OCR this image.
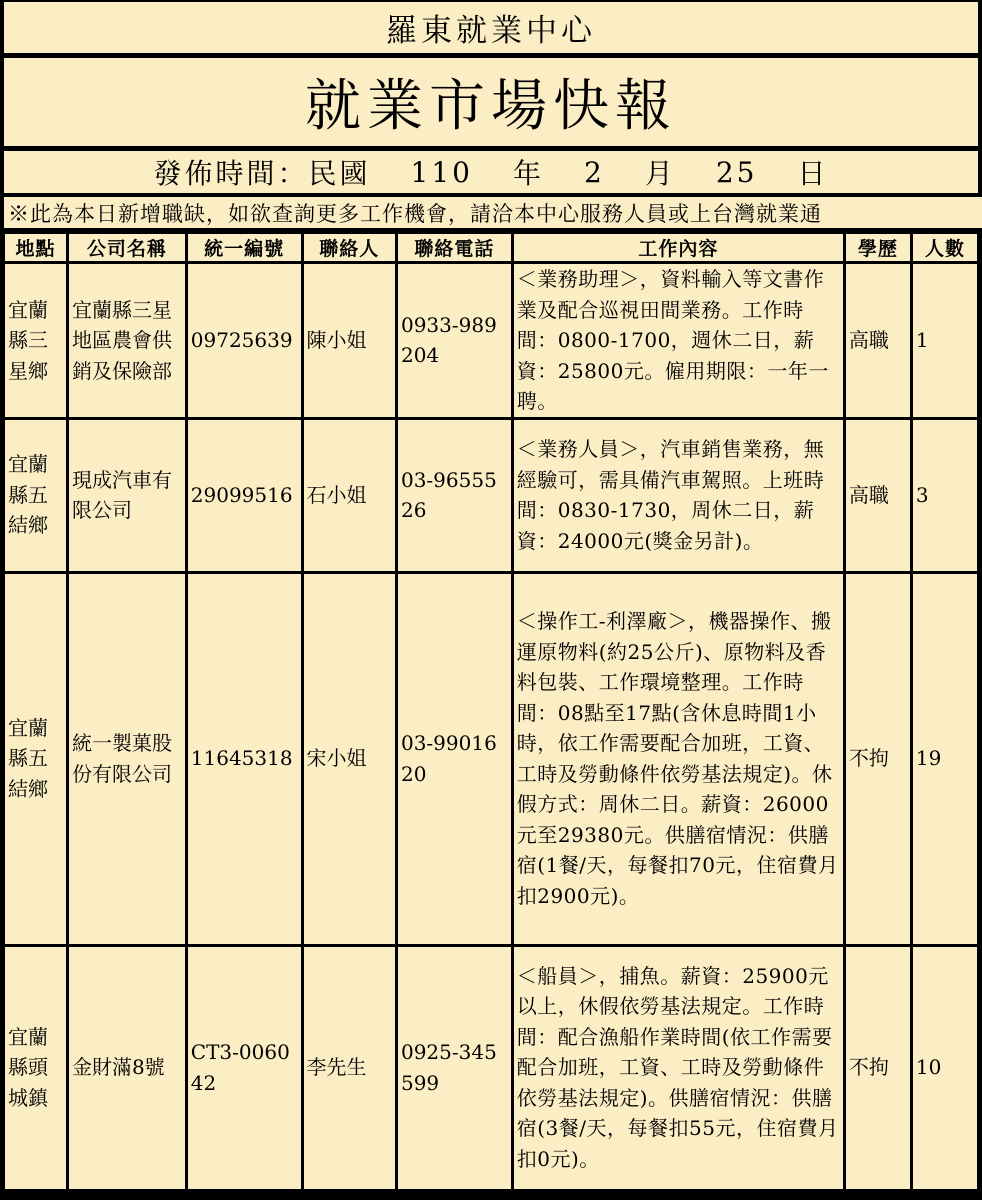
羅東就業中心
就業市場快報
發佈時間：民國 110 年 2 月 25 日
※此為本日新增職缺，如欲查詢更多工作機會，請洽本中心服務人員或上台灣就業通
地點	公司名稱	統一編號	聯絡人	聯絡電話	工作內容	學歷	人數
宜蘭縣三星鄉	宜蘭縣三星地區農會供銷及保險部	09725639	陳小姐	0933-989204	＜業務助理＞，資料輸入等文書作業及配合巡視田間業務。工作時間：0800-1700，週休二日，薪資：25800元。僱用期限：一年一聘。	高職	1
宜蘭縣五結鄉	現成汽車有限公司	29099516	石小姐	03-9655526	＜業務人員＞，汽車銷售業務，無經驗可，需具備汽車駕照。上班時間：0830-1730，周休二日，薪資：24000元(獎金另計)。	高職	3
宜蘭縣五結鄉	統一製菓股份有限公司	11645318	宋小姐	03-9901620	＜操作工-利澤廠＞，機器操作、搬運原物料(約25公斤)、原物料及香料包裝、工作環境整理。工作時間：08點至17點(含休息時間1小時，依工作需要配合加班，工資、工時及勞動條件依勞基法規定)。休假方式：周休二日。薪資：26000元至29380元。供膳宿情況：供膳宿(1餐/天，每餐扣70元，住宿費月扣2900元)。	不拘	19
宜蘭縣頭城鎮	金財滿8號	CT3-006042	李先生	0925-345599	＜船員＞，捕魚。薪資：25900元以上，休假依勞基法規定。工作時間：配合漁船作業時間(依工作需要配合加班，工資、工時及勞動條件依勞基法規定)。供膳宿情況：供膳宿(3餐/天，每餐扣55元，住宿費月扣0元)。	不拘	10
